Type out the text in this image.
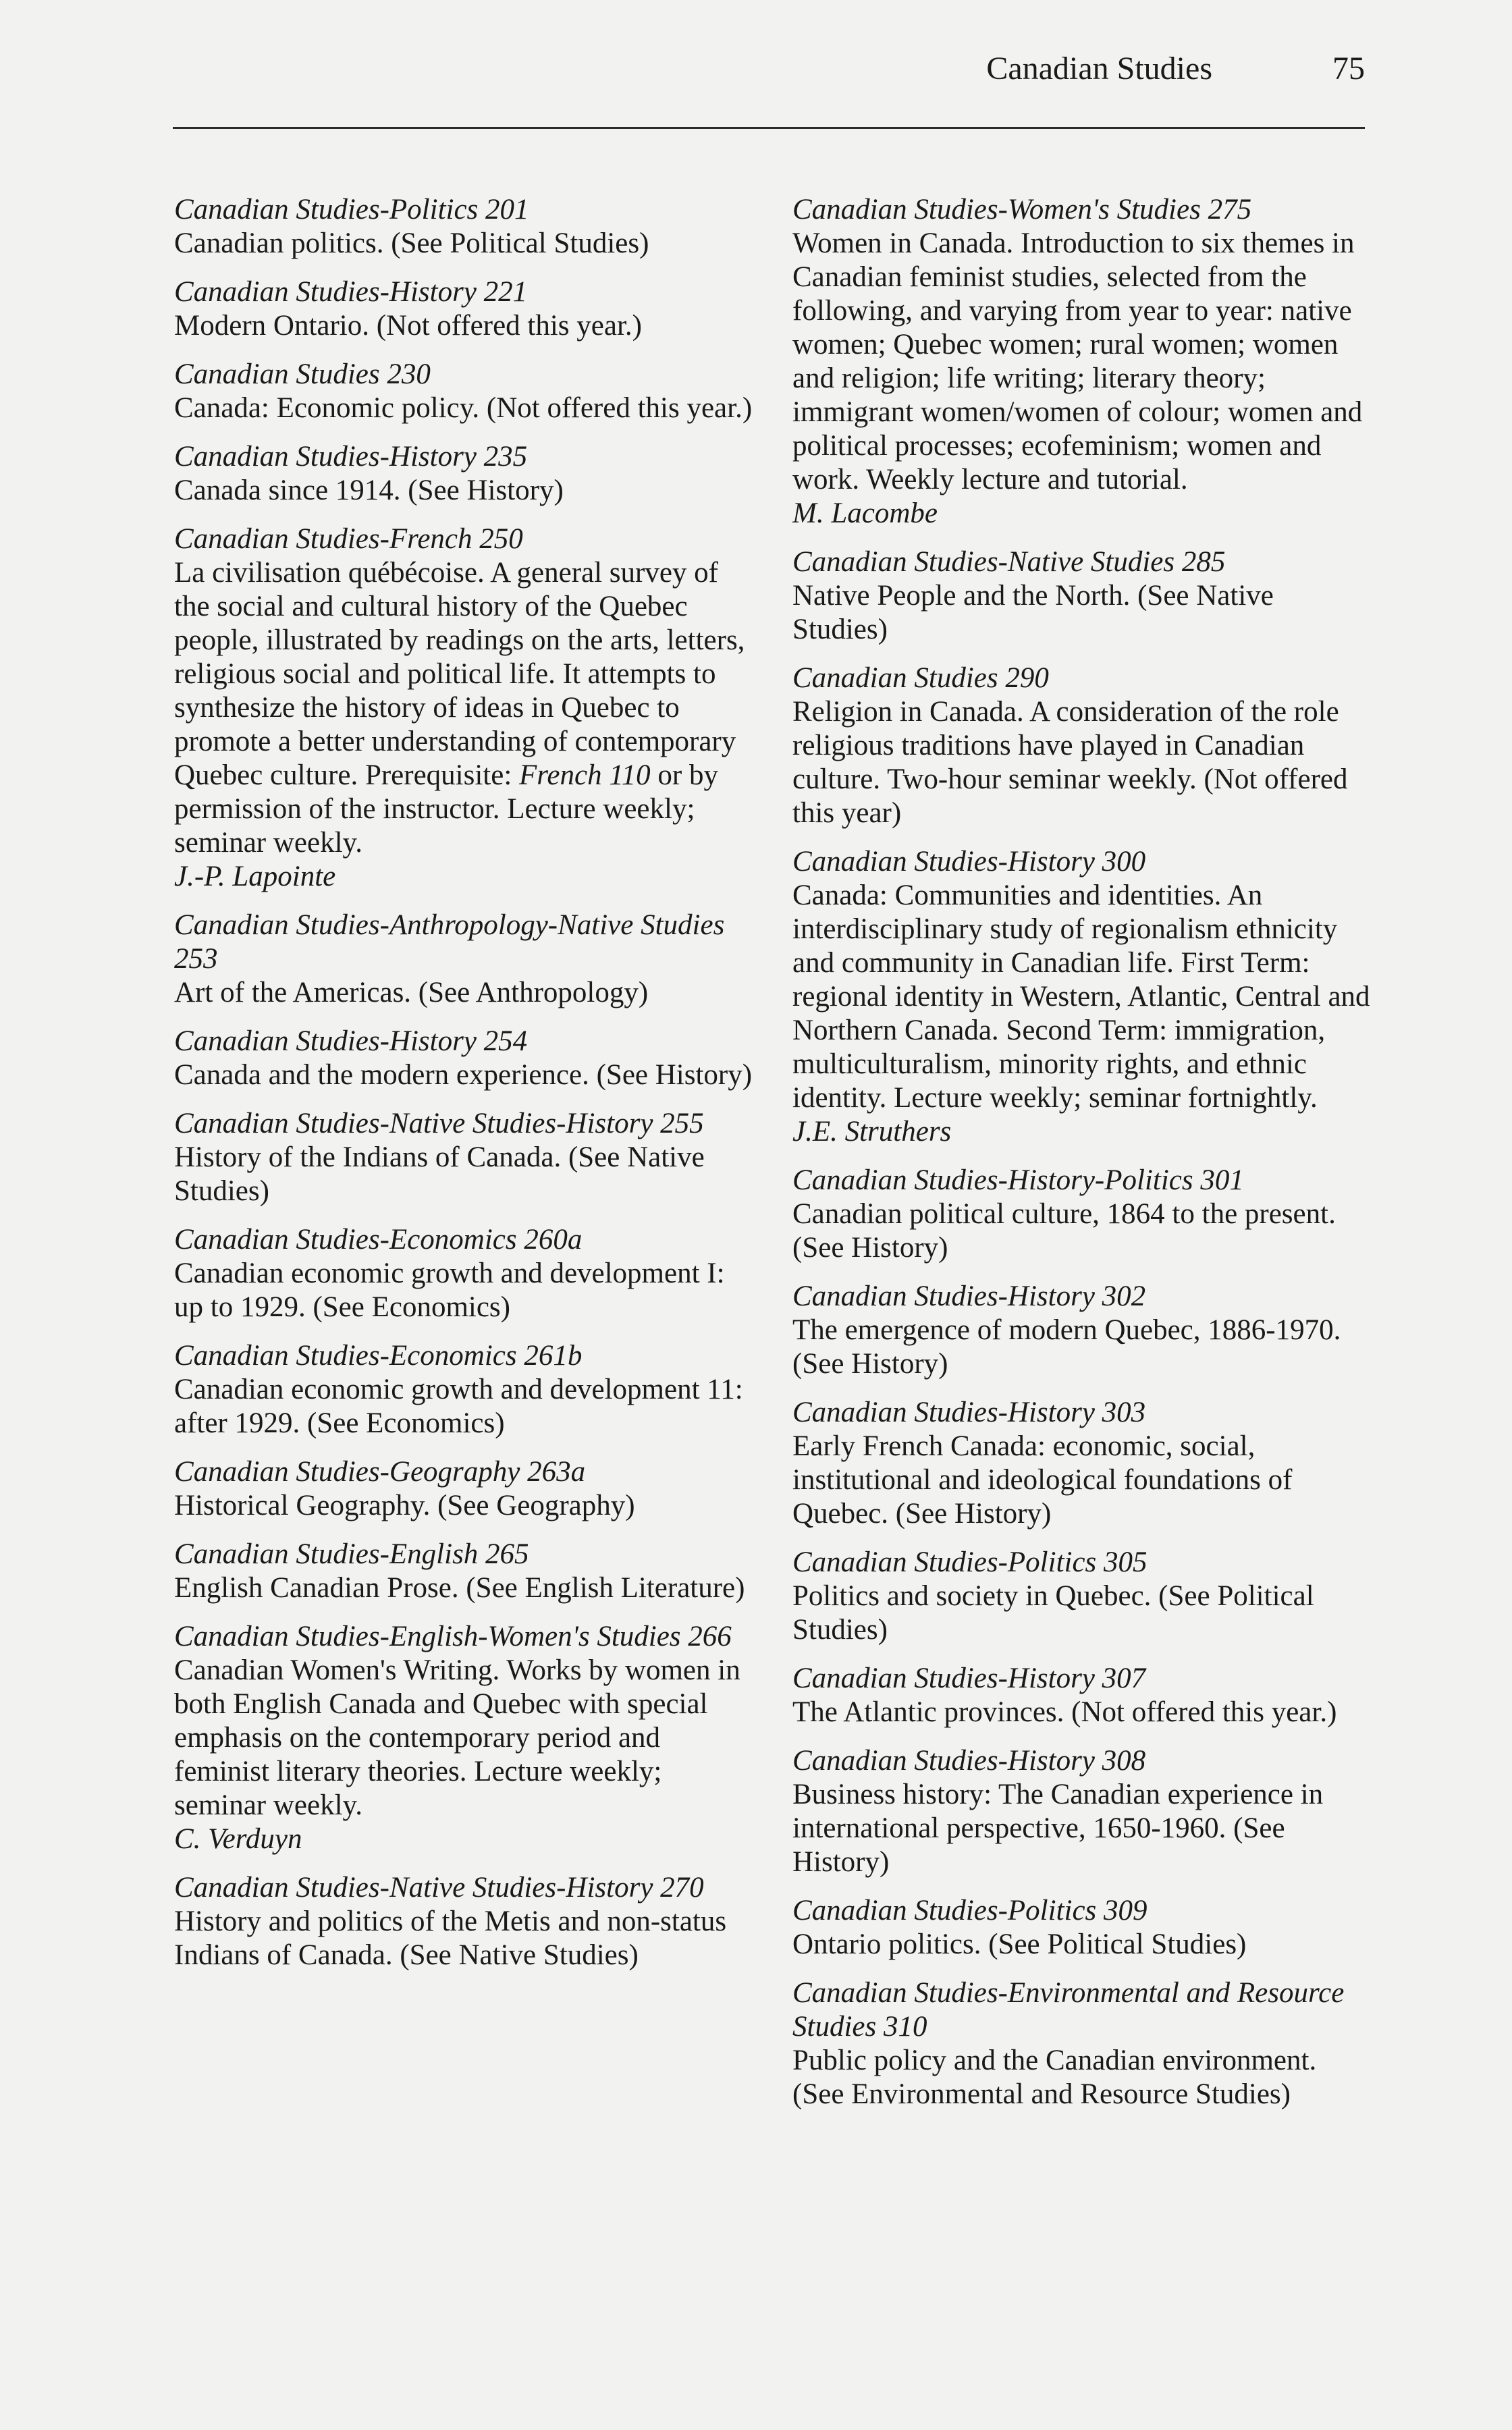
Canadian Studies	75
Canadian Studies-Politics 201
Canadian politics. (See Political Studies)
Canadian Studies-History 221
Modern Ontario. (Not offered this year.)
Canadian Studies 230
Canada: Economic policy. (Not offered this year.)
Canadian Studies-History 235
Canada since 1914. (See History)
Canadian Studies-French 250
La civilisation québécoise. A general survey of the social and cultural history of the Quebec people, illustrated by readings on the arts, letters, religious social and political life. It attempts to synthesize the history of ideas in Quebec to promote a better understanding of contemporary Quebec culture. Prerequisite: French 110 or by permission of the instructor. Lecture weekly; seminar weekly.
J.-P. Lapointe
Canadian Studies-Anthropology-Native Studies 253
Art of the Americas. (See Anthropology)
Canadian Studies-History 254
Canada and the modern experience. (See History)
Canadian Studies-Native Studies-History 255
History of the Indians of Canada. (See Native Studies)
Canadian Studies-Economics 260a
Canadian economic growth and development I: up to 1929. (See Economics)
Canadian Studies-Economics 261b
Canadian economic growth and development 11: after 1929. (See Economics)
Canadian Studies-Geography 263a
Historical Geography. (See Geography)
Canadian Studies-English 265
English Canadian Prose. (See English Literature)
Canadian Studies-English-Women's Studies 266
Canadian Women's Writing. Works by women in both English Canada and Quebec with special emphasis on the contemporary period and feminist literary theories. Lecture weekly; seminar weekly.
C. Verduyn
Canadian Studies-Native Studies-History 270
History and politics of the Metis and non-status Indians of Canada. (See Native Studies)
Canadian Studies-Women's Studies 275
Women in Canada. Introduction to six themes in Canadian feminist studies, selected from the following, and varying from year to year: native women; Quebec women; rural women; women and religion; life writing; literary theory; immigrant women/women of colour; women and political processes; ecofeminism; women and work. Weekly lecture and tutorial.
M. Lacombe
Canadian Studies-Native Studies 285
Native People and the North. (See Native Studies)
Canadian Studies 290
Religion in Canada. A consideration of the role religious traditions have played in Canadian culture. Two-hour seminar weekly. (Not offered this year)
Canadian Studies-History 300
Canada: Communities and identities. An interdisciplinary study of regionalism ethnicity and community in Canadian life. First Term: regional identity in Western, Atlantic, Central and Northern Canada. Second Term: immigration, multiculturalism, minority rights, and ethnic identity. Lecture weekly; seminar fortnightly.
J.E. Struthers
Canadian Studies-History-Politics 301
Canadian political culture, 1864 to the present. (See History)
Canadian Studies-History 302
The emergence of modern Quebec, 1886-1970. (See History)
Canadian Studies-History 303
Early French Canada: economic, social, institutional and ideological foundations of Quebec. (See History)
Canadian Studies-Politics 305
Politics and society in Quebec. (See Political Studies)
Canadian Studies-History 307
The Atlantic provinces. (Not offered this year.)
Canadian Studies-History 308
Business history: The Canadian experience in international perspective, 1650-1960. (See History)
Canadian Studies-Politics 309
Ontario politics. (See Political Studies)
Canadian Studies-Environmental and Resource Studies 310
Public policy and the Canadian environment. (See Environmental and Resource Studies)
